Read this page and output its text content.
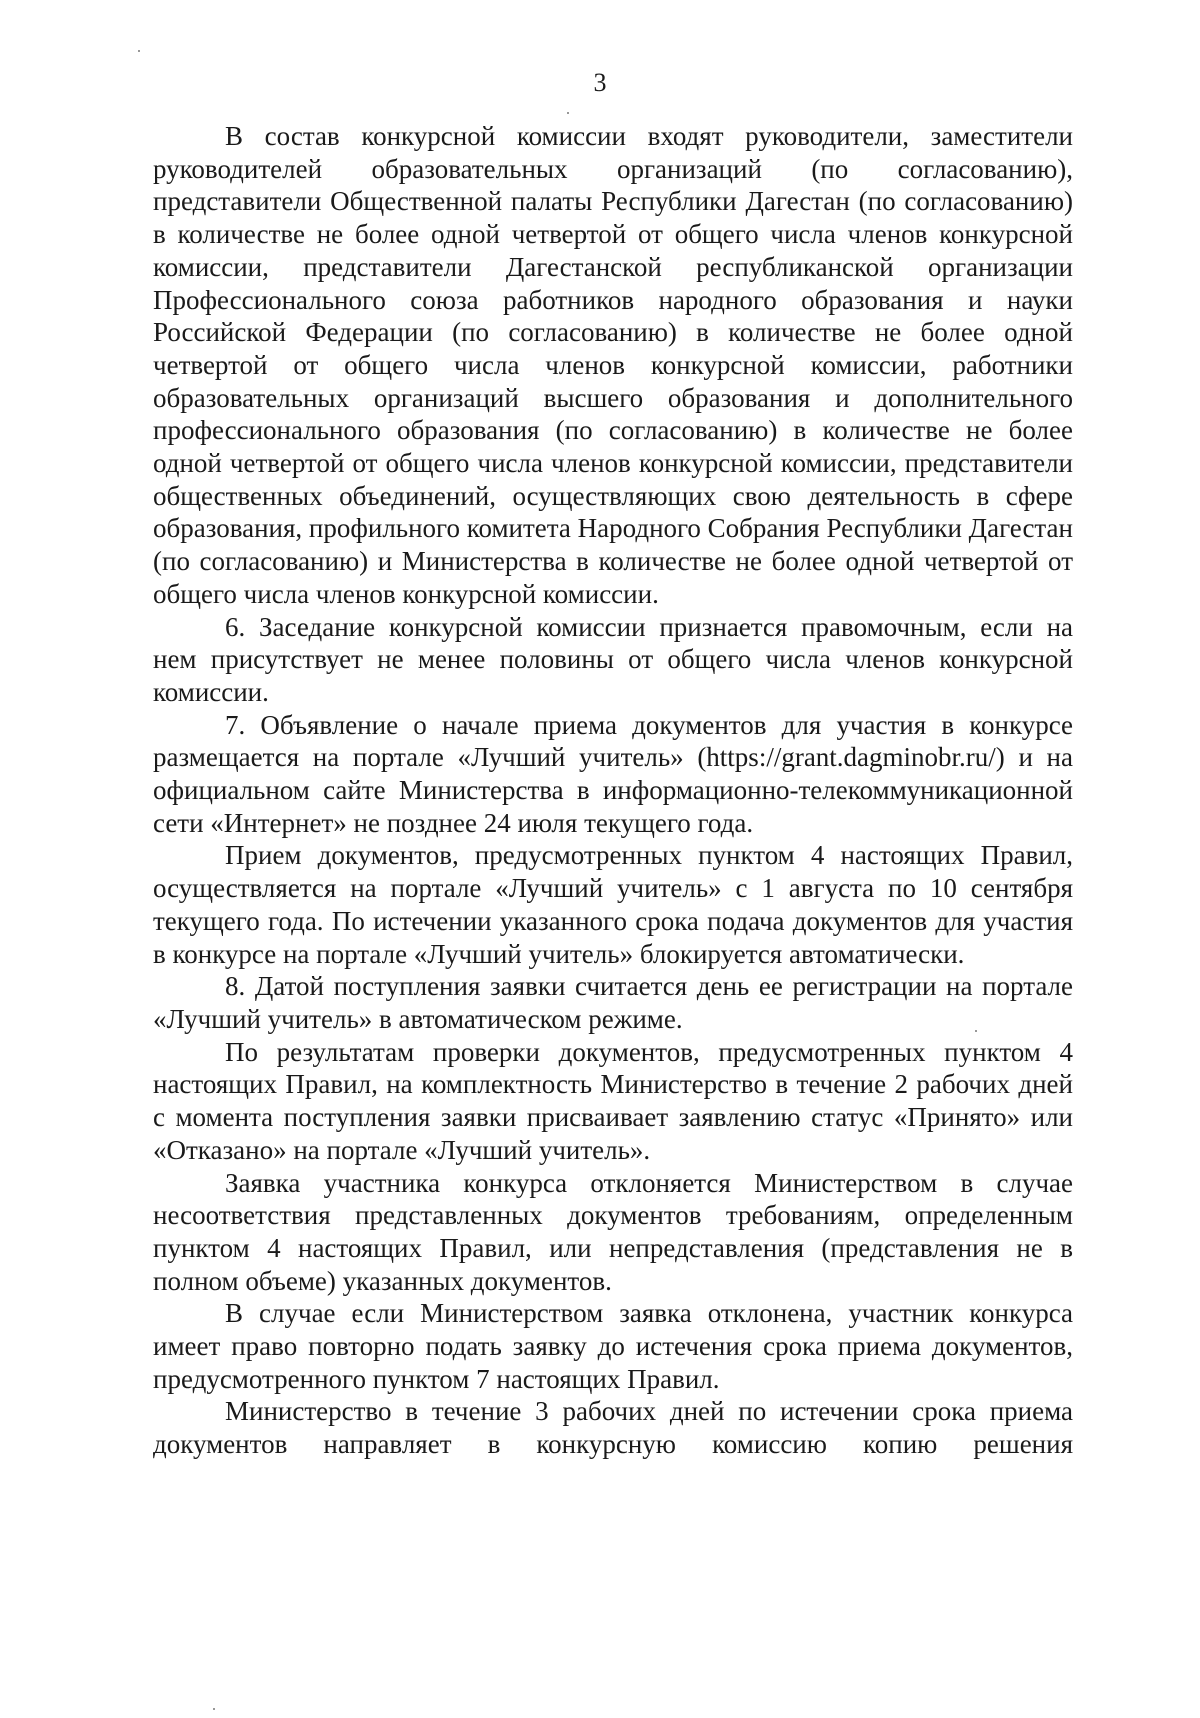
3

В состав конкурсной комиссии входят руководители, заместители руководителей образовательных организаций (по согласованию), представители Общественной палаты Республики Дагестан (по согласованию) в количестве не более одной четвертой от общего числа членов конкурсной комиссии, представители Дагестанской республиканской организации Профессионального союза работников народного образования и науки Российской Федерации (по согласованию) в количестве не более одной четвертой от общего числа членов конкурсной комиссии, работники образовательных организаций высшего образования и дополнительного профессионального образования (по согласованию) в количестве не более одной четвертой от общего числа членов конкурсной комиссии, представители общественных объединений, осуществляющих свою деятельность в сфере образования, профильного комитета Народного Собрания Республики Дагестан (по согласованию) и Министерства в количестве не более одной четвертой от общего числа членов конкурсной комиссии.

6. Заседание конкурсной комиссии признается правомочным, если на нем присутствует не менее половины от общего числа членов конкурсной комиссии.

7. Объявление о начале приема документов для участия в конкурсе размещается на портале «Лучший учитель» (https://grant.dagminobr.ru/) и на официальном сайте Министерства в информационно-телекоммуникационной сети «Интернет» не позднее 24 июля текущего года.

Прием документов, предусмотренных пунктом 4 настоящих Правил, осуществляется на портале «Лучший учитель» с 1 августа по 10 сентября текущего года. По истечении указанного срока подача документов для участия в конкурсе на портале «Лучший учитель» блокируется автоматически.

8. Датой поступления заявки считается день ее регистрации на портале «Лучший учитель» в автоматическом режиме.

По результатам проверки документов, предусмотренных пунктом 4 настоящих Правил, на комплектность Министерство в течение 2 рабочих дней с момента поступления заявки присваивает заявлению статус «Принято» или «Отказано» на портале «Лучший учитель».

Заявка участника конкурса отклоняется Министерством в случае несоответствия представленных документов требованиям, определенным пунктом 4 настоящих Правил, или непредставления (представления не в полном объеме) указанных документов.

В случае если Министерством заявка отклонена, участник конкурса имеет право повторно подать заявку до истечения срока приема документов, предусмотренного пунктом 7 настоящих Правил.

Министерство в течение 3 рабочих дней по истечении срока приема документов направляет в конкурсную комиссию копию решения
